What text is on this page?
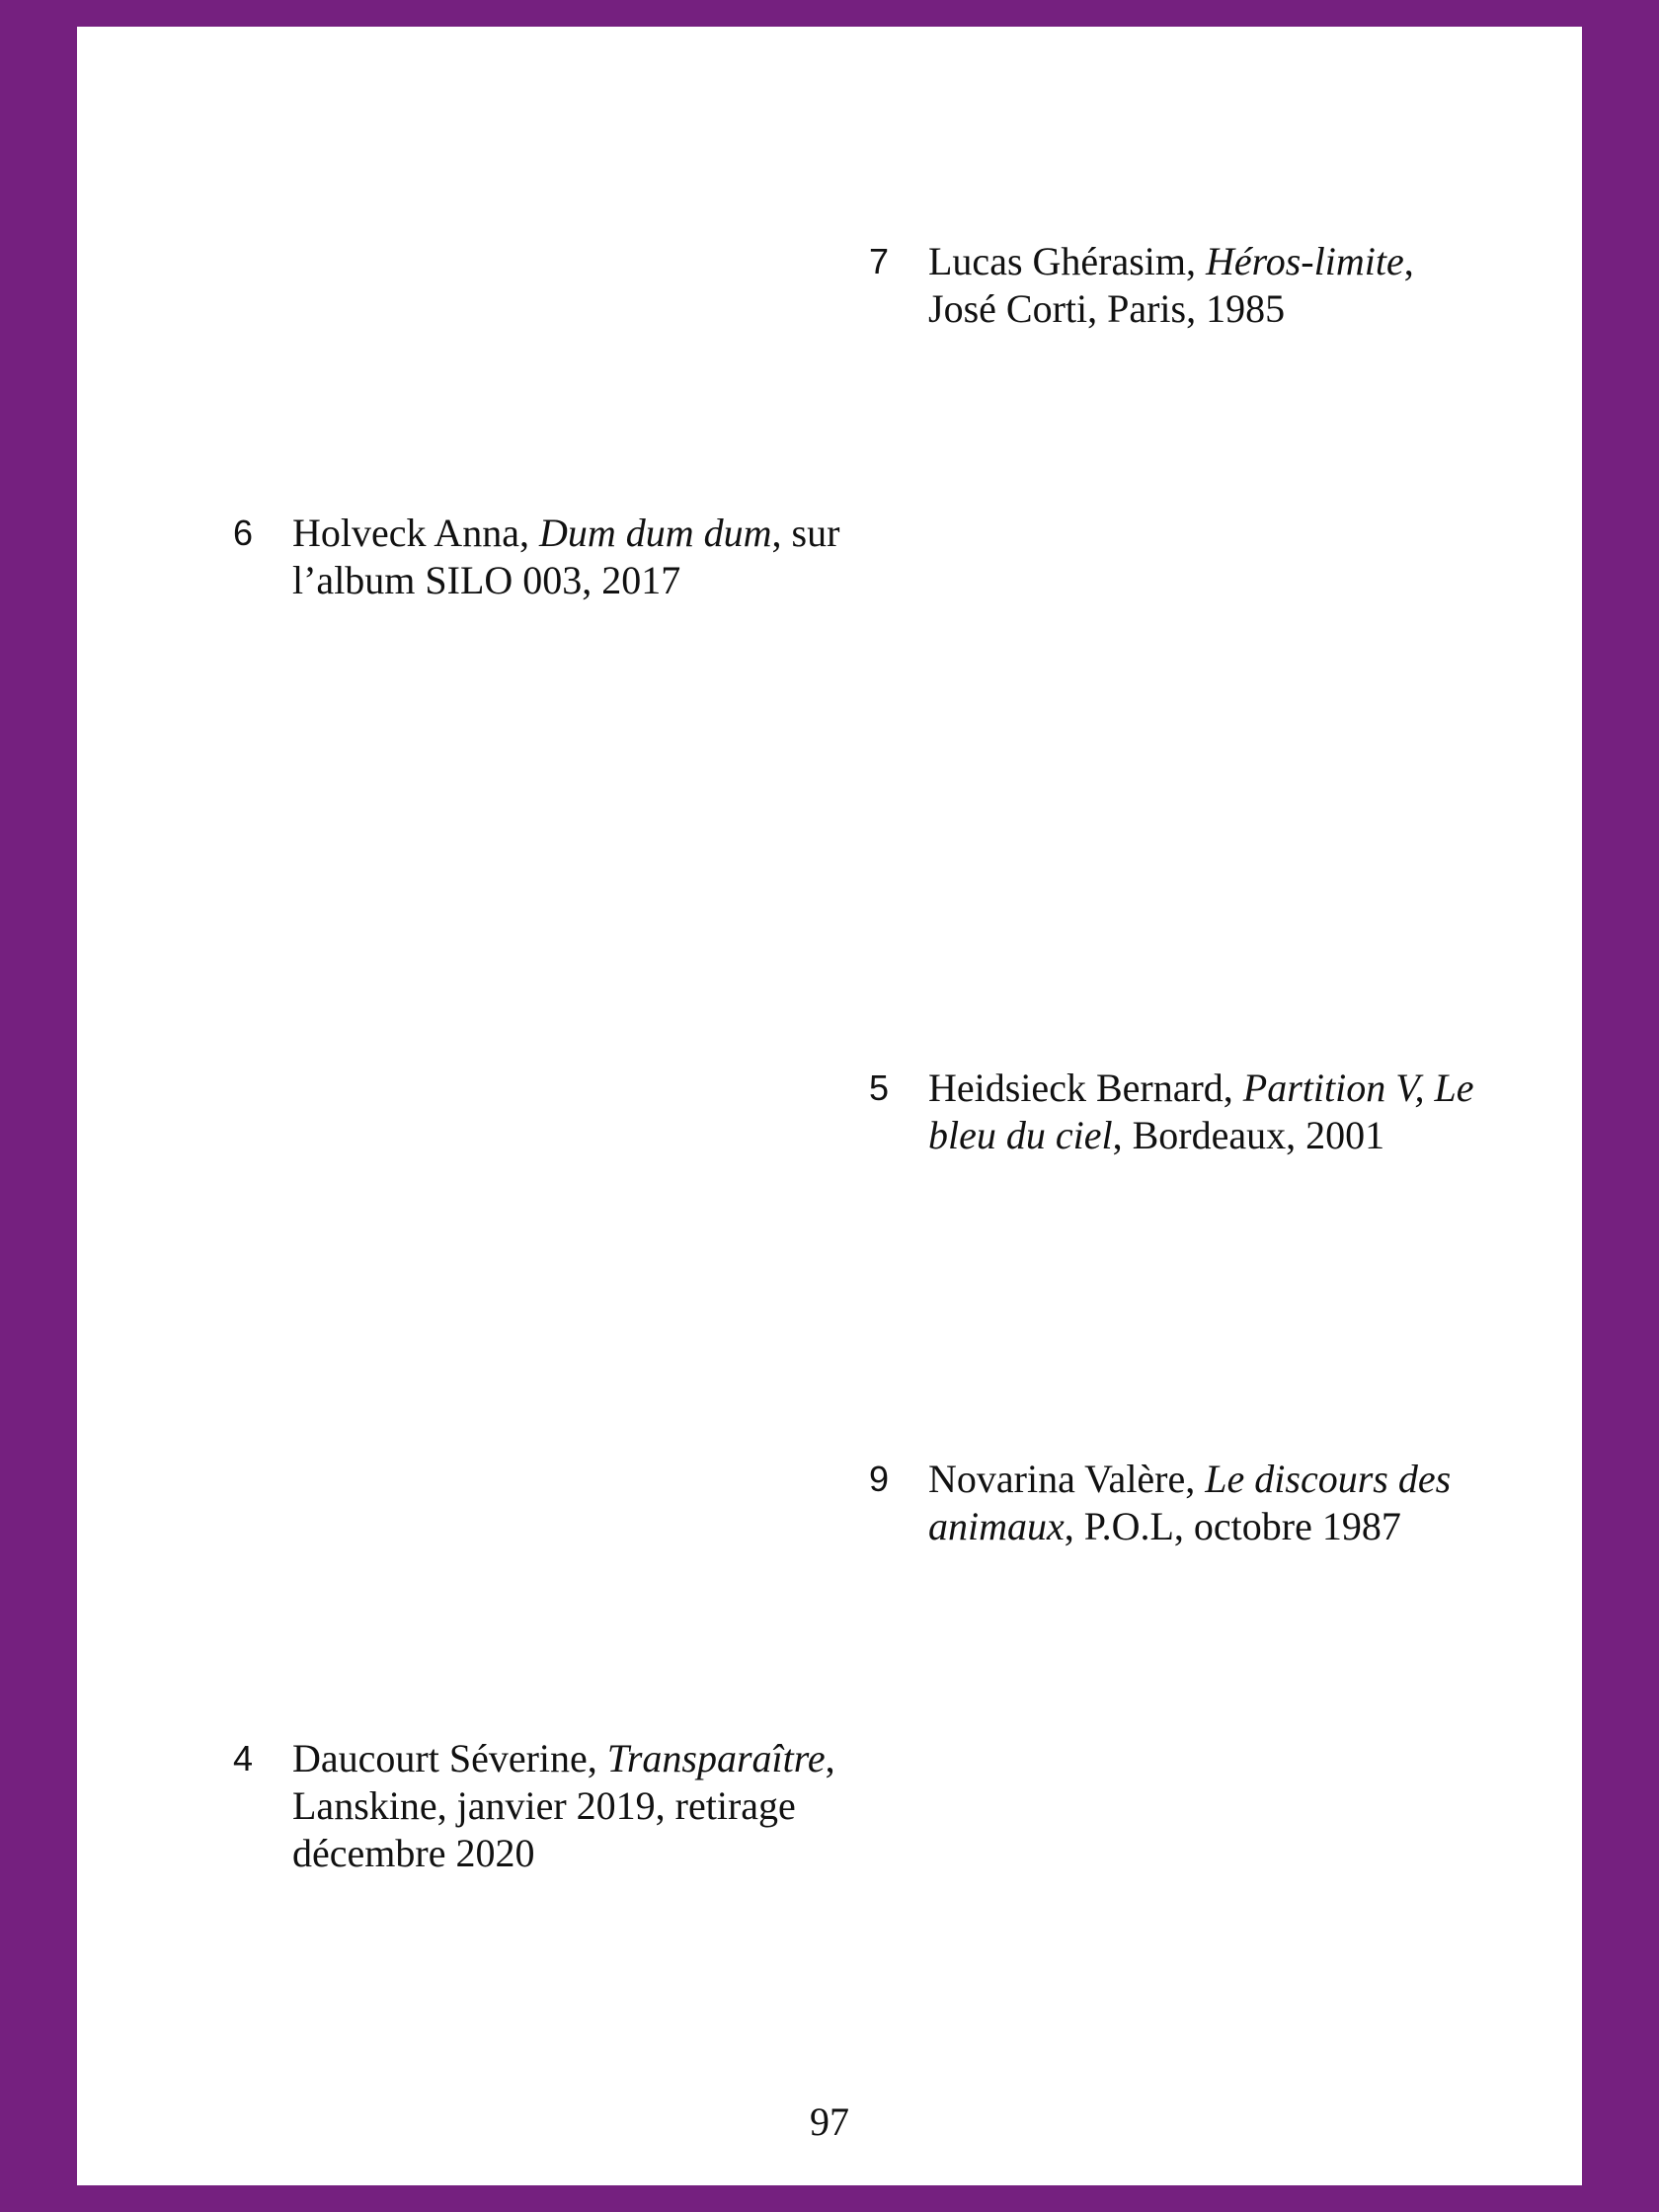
7 Lucas Ghérasim, Héros-limite, José Corti, Paris, 1985
6 Holveck Anna, Dum dum dum, sur l’album SILO 003, 2017
5 Heidsieck Bernard, Partition V, Le bleu du ciel, Bordeaux, 2001
9 Novarina Valère, Le discours des animaux, P.O.L, octobre 1987
4 Daucourt Séverine, Transparaître, Lanskine, janvier 2019, retirage décembre 2020
97
